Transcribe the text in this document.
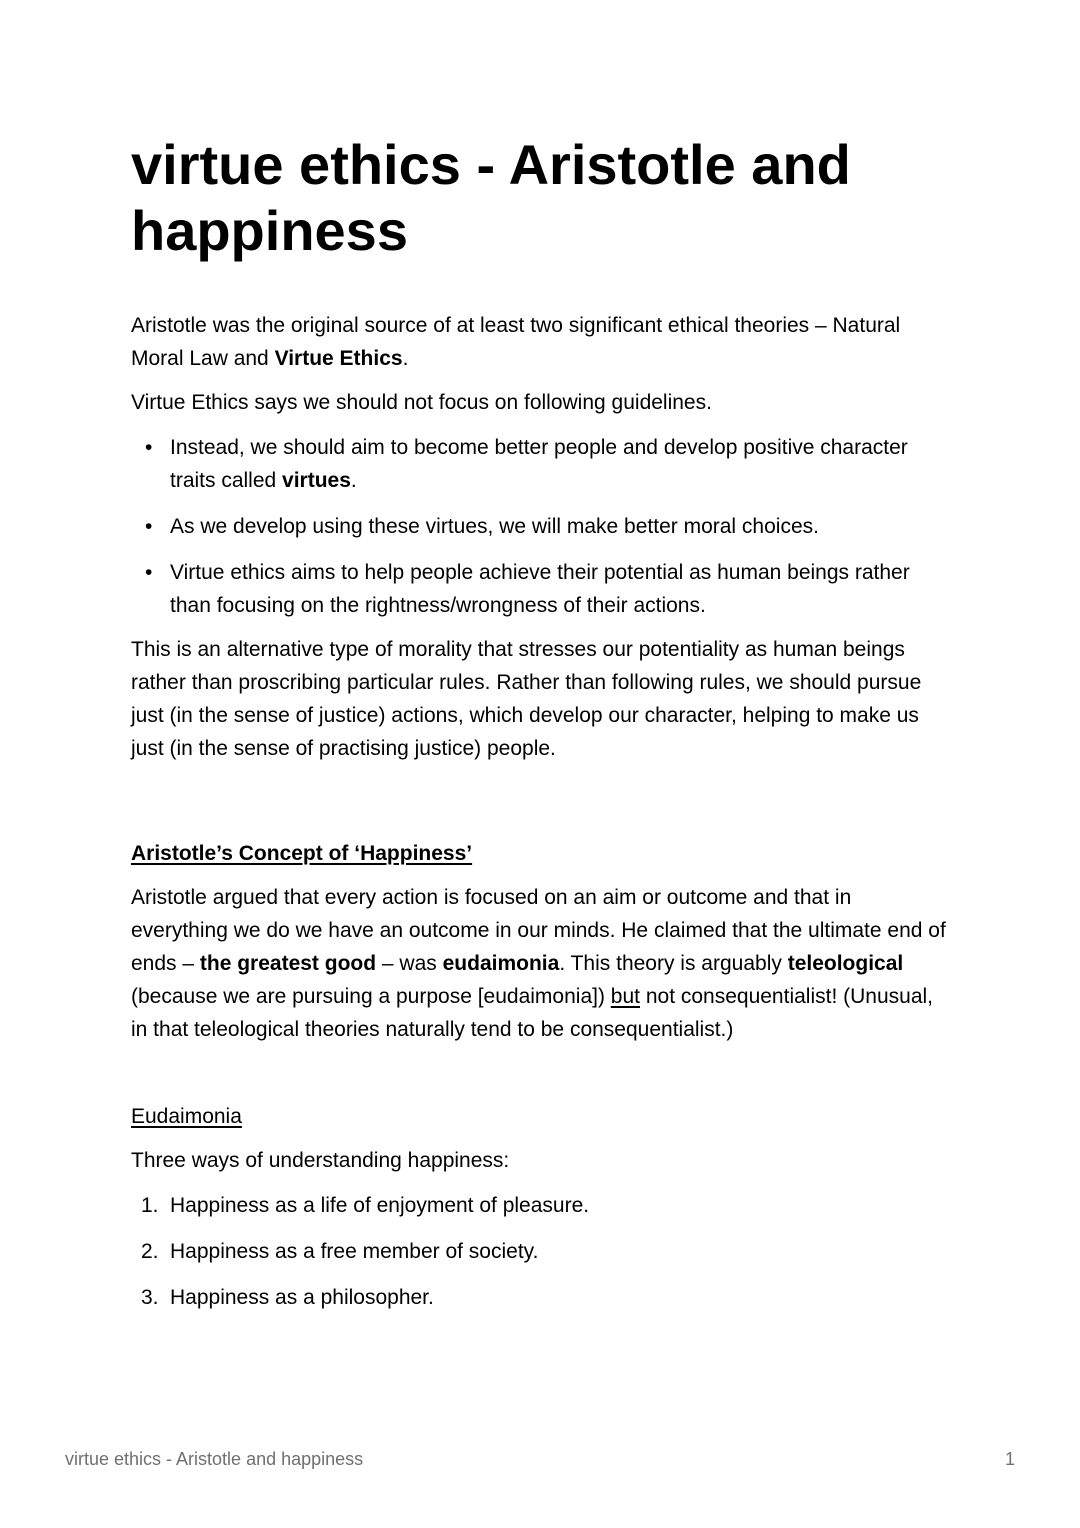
virtue ethics - Aristotle and happiness

Aristotle was the original source of at least two significant ethical theories – Natural Moral Law and Virtue Ethics.

Virtue Ethics says we should not focus on following guidelines.

• Instead, we should aim to become better people and develop positive character traits called virtues.
• As we develop using these virtues, we will make better moral choices.
• Virtue ethics aims to help people achieve their potential as human beings rather than focusing on the rightness/wrongness of their actions.

This is an alternative type of morality that stresses our potentiality as human beings rather than proscribing particular rules. Rather than following rules, we should pursue just (in the sense of justice) actions, which develop our character, helping to make us just (in the sense of practising justice) people.

Aristotle’s Concept of ‘Happiness’

Aristotle argued that every action is focused on an aim or outcome and that in everything we do we have an outcome in our minds. He claimed that the ultimate end of ends – the greatest good – was eudaimonia. This theory is arguably teleological (because we are pursuing a purpose [eudaimonia]) but not consequentialist! (Unusual, in that teleological theories naturally tend to be consequentialist.)

Eudaimonia

Three ways of understanding happiness:

1. Happiness as a life of enjoyment of pleasure.
2. Happiness as a free member of society.
3. Happiness as a philosopher.
virtue ethics - Aristotle and happiness	1
